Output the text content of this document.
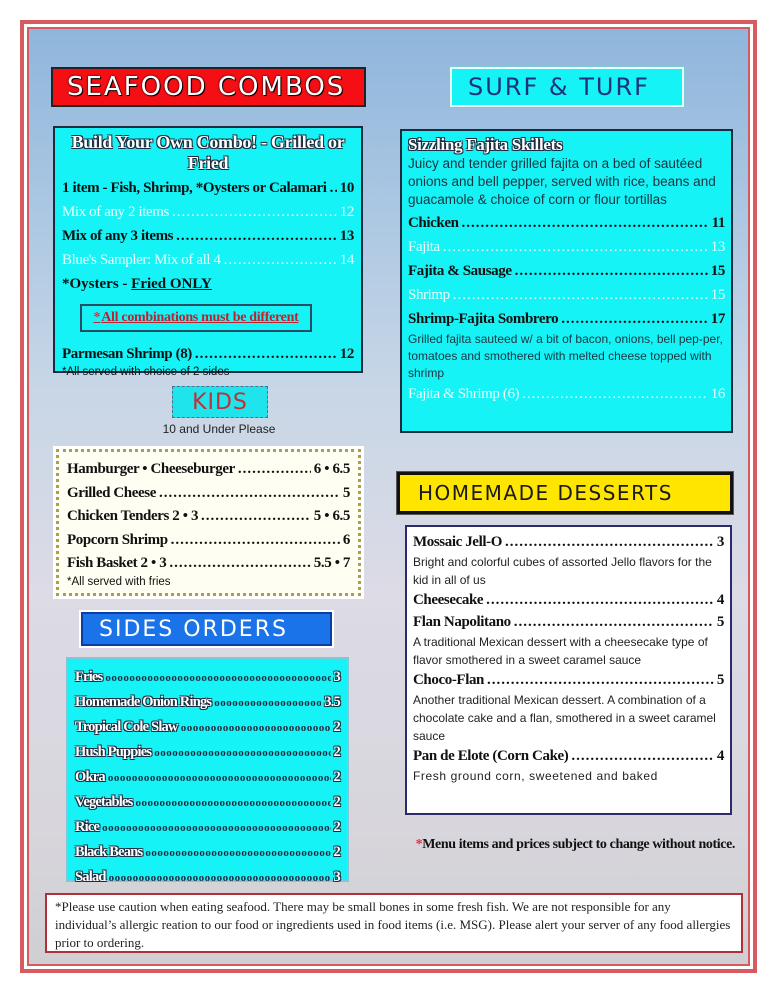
SEAFOOD COMBOS	SURF & TURF
Build Your Own Combo! - Grilled or Fried
1 item - Fish, Shrimp, *Oysters or Calamari ..... 10
Mix of any 2 items .....	12
Mix of any 3 items .....	13
Blue's Sampler: Mix of all 4 .....	14
*Oysters - Fried ONLY
* All combinations must be different
Parmesan Shrimp (8) .....	12
*All served with choice of 2 sides
Sizzling Fajita Skillets
Juicy and tender grilled fajita on a bed of sautéed onions and bell pepper, served with rice, beans and guacamole & choice of corn or flour tortillas
Chicken .....	11
Fajita .....	13
Fajita & Sausage .....	15
Shrimp .....	15
Shrimp-Fajita Sombrero .....	17
Grilled fajita sauteed w/ a bit of bacon, onions, bell pep-per, tomatoes and smothered with melted cheese topped with shrimp
Fajita & Shrimp (6) .....	16
KIDS
10 and Under Please
Hamburger • Cheeseburger .....	6 • 6.5
Grilled Cheese .....	5
Chicken Tenders 2 • 3 .....	5 • 6.5
Popcorn Shrimp .....	6
Fish Basket 2 • 3 .....	5.5 • 7
*All served with fries
SIDES ORDERS
Fries oooooooooooooooooooooooooooooooooooooooooooooooooooooooo	3
Homemade Onion Rings oooooooooooooooooooooooooooooooooooooooooooooooooooooooo	3.5
Tropical Cole Slaw oooooooooooooooooooooooooooooooooooooooooooooooooooooooo	2
Hush Puppies oooooooooooooooooooooooooooooooooooooooooooooooooooooooo	2
Okra oooooooooooooooooooooooooooooooooooooooooooooooooooooooo	2
Vegetables oooooooooooooooooooooooooooooooooooooooooooooooooooooooo	2
Rice oooooooooooooooooooooooooooooooooooooooooooooooooooooooo	2
Black Beans oooooooooooooooooooooooooooooooooooooooooooooooooooooooo	2
Salad oooooooooooooooooooooooooooooooooooooooooooooooooooooooo	3
HOMEMADE DESSERTS
Mossaic Jell-O .....	3
Bright and colorful cubes of assorted Jello flavors for the kid in all of us
Cheesecake .....	4
Flan Napolitano .....	5
A traditional Mexican dessert with a cheesecake type of flavor smothered in a sweet caramel sauce
Choco-Flan .....	5
Another traditional Mexican dessert. A combination of a chocolate cake and a flan, smothered in a sweet caramel sauce
Pan de Elote (Corn Cake) .....	4
Fresh ground corn, sweetened and baked
*Menu items and prices subject to change without notice.
*Please use caution when eating seafood. There may be small bones in some fresh fish. We are not responsible for any individual’s allergic reation to our food or ingredients used in food items (i.e. MSG). Please alert your server of any food allergies prior to ordering.
